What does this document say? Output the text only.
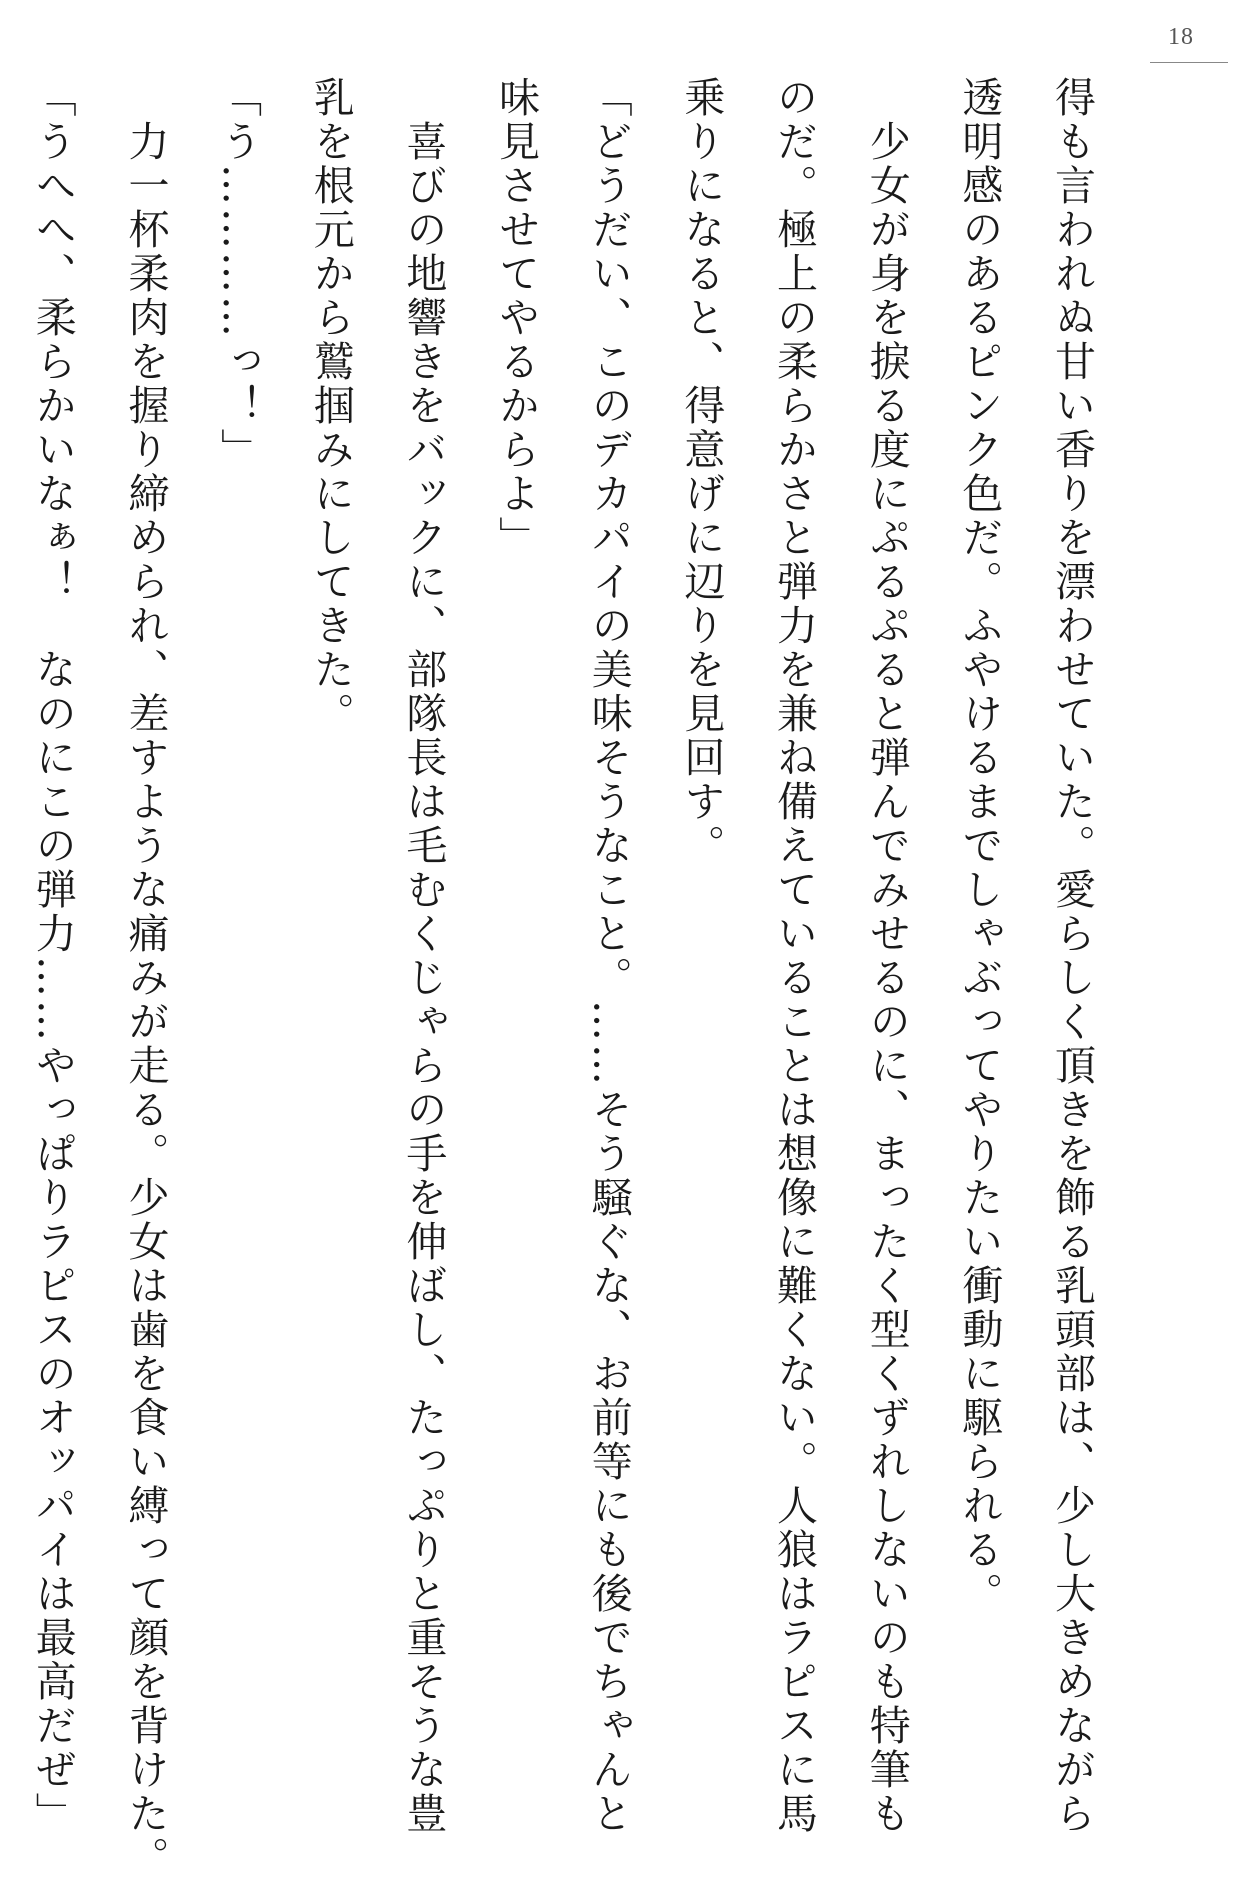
18

得も言われぬ甘い香りを漂わせていた。愛らしく頂きを飾る乳頭部は、少し大きめながら

透明感のあるピンク色だ。ふやけるまでしゃぶってやりたい衝動に駆られる。

　少女が身を捩る度にぷるぷると弾んでみせるのに、まったく型くずれしないのも特筆も

のだ。極上の柔らかさと弾力を兼ね備えていることは想像に難くない。人狼はラピスに馬

乗りになると、得意げに辺りを見回す。

「どうだい、このデカパイの美味そうなこと。……そう騒ぐな、お前等にも後でちゃんと

味見させてやるからよ」

　喜びの地響きをバックに、部隊長は毛むくじゃらの手を伸ばし、たっぷりと重そうな豊

乳を根元から鷲掴みにしてきた。

「う…………っ！」

　力一杯柔肉を握り締められ、差すような痛みが走る。少女は歯を食い縛って顔を背けた。

「うへへ、柔らかいなぁ！　なのにこの弾力……やっぱりラピスのオッパイは最高だぜ」
